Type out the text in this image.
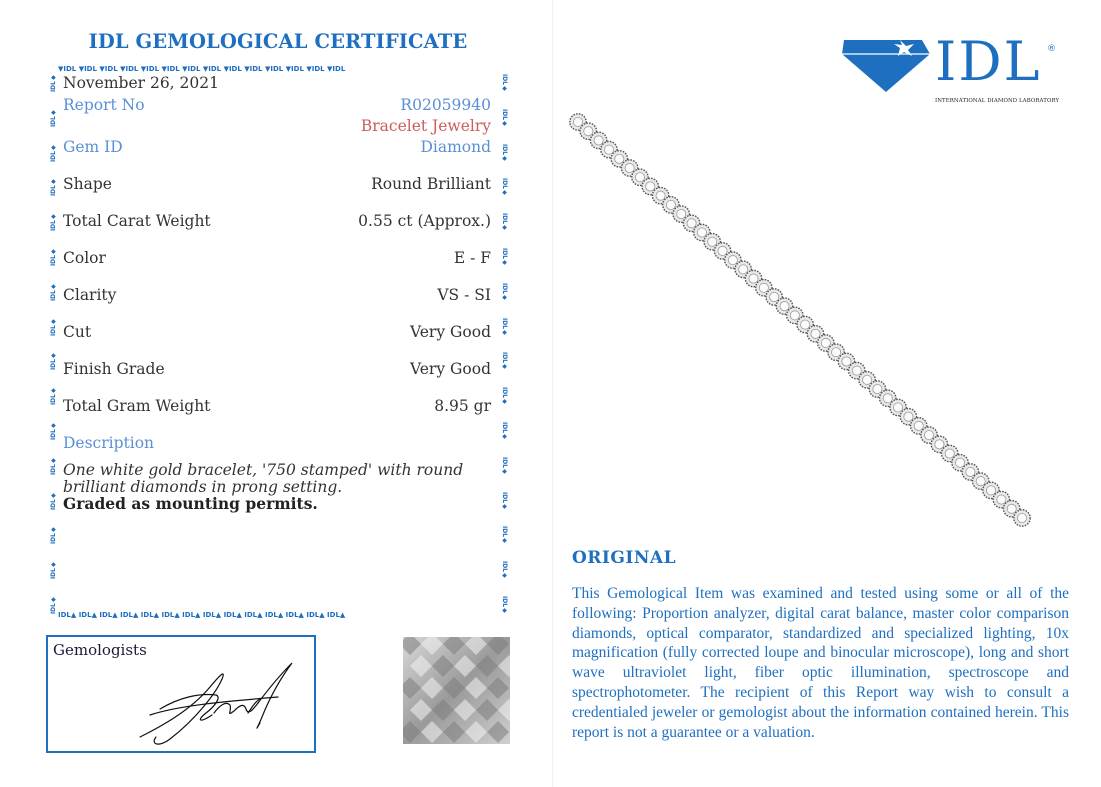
IDL GEMOLOGICAL CERTIFICATE
▼IDL ▼IDL ▼IDL ▼IDL ▼IDL ▼IDL ▼IDL ▼IDL ▼IDL ▼IDL ▼IDL ▼IDL ▼IDL ▼IDL
IDL▲ IDL▲ IDL▲ IDL▲ IDL▲ IDL▲ IDL▲ IDL▲ IDL▲ IDL▲ IDL▲ IDL▲ IDL▲ IDL▲
IDL◆
IDL◆
IDL◆
IDL◆
IDL◆
IDL◆
IDL◆
IDL◆
IDL◆
IDL◆
IDL◆
IDL◆
IDL◆
IDL◆
IDL◆
IDL◆
IDL◆
IDL◆
IDL◆
IDL◆
IDL◆
IDL◆
IDL◆
IDL◆
IDL◆
IDL◆
IDL◆
IDL◆
IDL◆
IDL◆
IDL◆
IDL◆
November 26, 2021
Report No	R02059940
Bracelet Jewelry
Gem ID	Diamond
Shape	Round Brilliant
Total Carat Weight	0.55 ct (Approx.)
Color	E - F
Clarity	VS - SI
Cut	Very Good
Finish Grade	Very Good
Total Gram Weight	8.95 gr
Description
One white gold bracelet, '750 stamped' with round brilliant diamonds in prong setting.
Graded as mounting permits.
Gemologists
IDL ®
INTERNATIONAL DIAMOND LABORATORY
ORIGINAL
This Gemological Item was examined and tested using some or all of the following: Proportion analyzer, digital carat balance, master color comparison diamonds, optical comparator, standardized and specialized lighting, 10x magnification (fully corrected loupe and binocular microscope), long and short wave ultraviolet light, fiber optic illumination, spectroscope and spectrophotometer. The recipient of this Report way wish to consult a credentialed jeweler or gemologist about the information contained herein. This report is not a guarantee or a valuation.
